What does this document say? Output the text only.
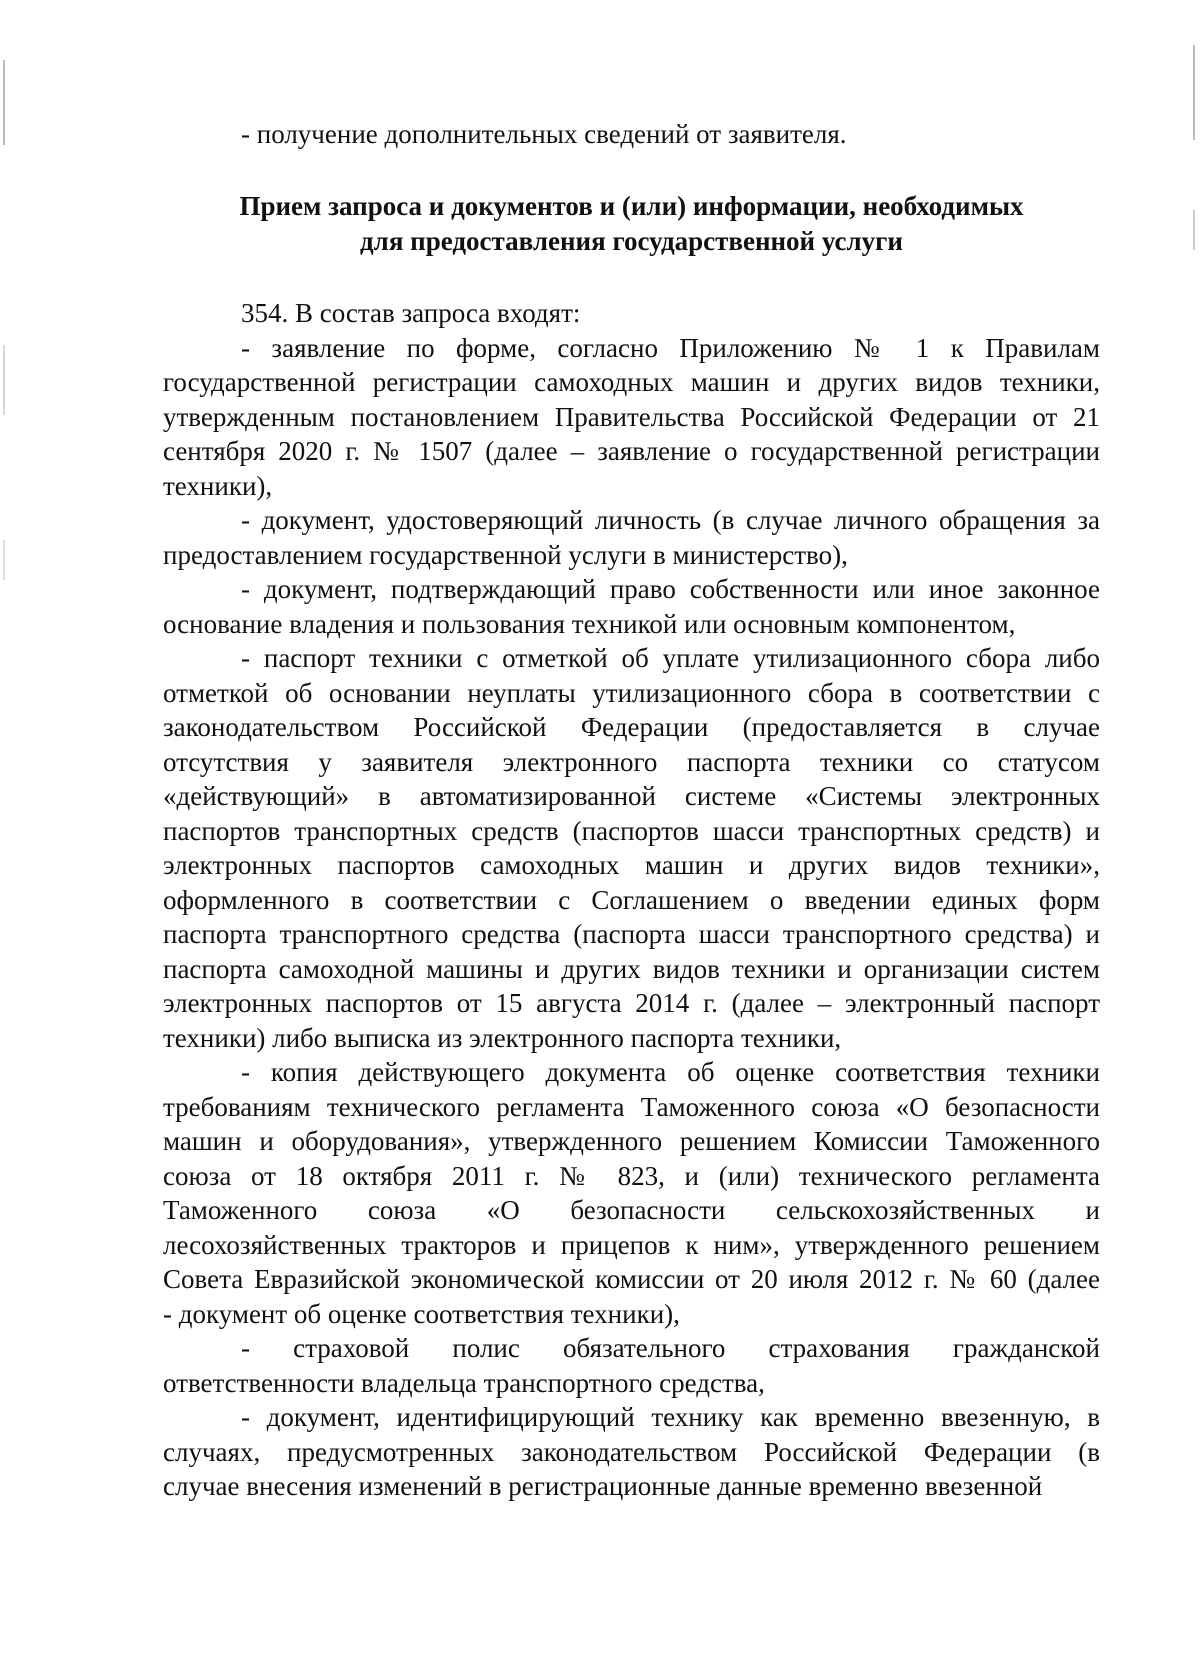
- получение дополнительных сведений от заявителя.
Прием запроса и документов и (или) информации, необходимых
для предоставления государственной услуги
354. В состав запроса входят:
- заявление по форме, согласно Приложению № 1 к Правилам
государственной регистрации самоходных машин и других видов техники,
утвержденным постановлением Правительства Российской Федерации от 21
сентября 2020 г. № 1507 (далее – заявление о государственной регистрации
техники),
- документ, удостоверяющий личность (в случае личного обращения за
предоставлением государственной услуги в министерство),
- документ, подтверждающий право собственности или иное законное
основание владения и пользования техникой или основным компонентом,
- паспорт техники с отметкой об уплате утилизационного сбора либо
отметкой об основании неуплаты утилизационного сбора в соответствии с
законодательством Российской Федерации (предоставляется в случае
отсутствия у заявителя электронного паспорта техники со статусом
«действующий» в автоматизированной системе «Системы электронных
паспортов транспортных средств (паспортов шасси транспортных средств) и
электронных паспортов самоходных машин и других видов техники»,
оформленного в соответствии с Соглашением о введении единых форм
паспорта транспортного средства (паспорта шасси транспортного средства) и
паспорта самоходной машины и других видов техники и организации систем
электронных паспортов от 15 августа 2014 г. (далее – электронный паспорт
техники) либо выписка из электронного паспорта техники,
- копия действующего документа об оценке соответствия техники
требованиям технического регламента Таможенного союза «О безопасности
машин и оборудования», утвержденного решением Комиссии Таможенного
союза от 18 октября 2011 г. № 823, и (или) технического регламента
Таможенного союза «О безопасности сельскохозяйственных и
лесохозяйственных тракторов и прицепов к ним», утвержденного решением
Совета Евразийской экономической комиссии от 20 июля 2012 г. № 60 (далее
- документ об оценке соответствия техники),
- страховой полис обязательного страхования гражданской
ответственности владельца транспортного средства,
- документ, идентифицирующий технику как временно ввезенную, в
случаях, предусмотренных законодательством Российской Федерации (в
случае внесения изменений в регистрационные данные временно ввезенной
